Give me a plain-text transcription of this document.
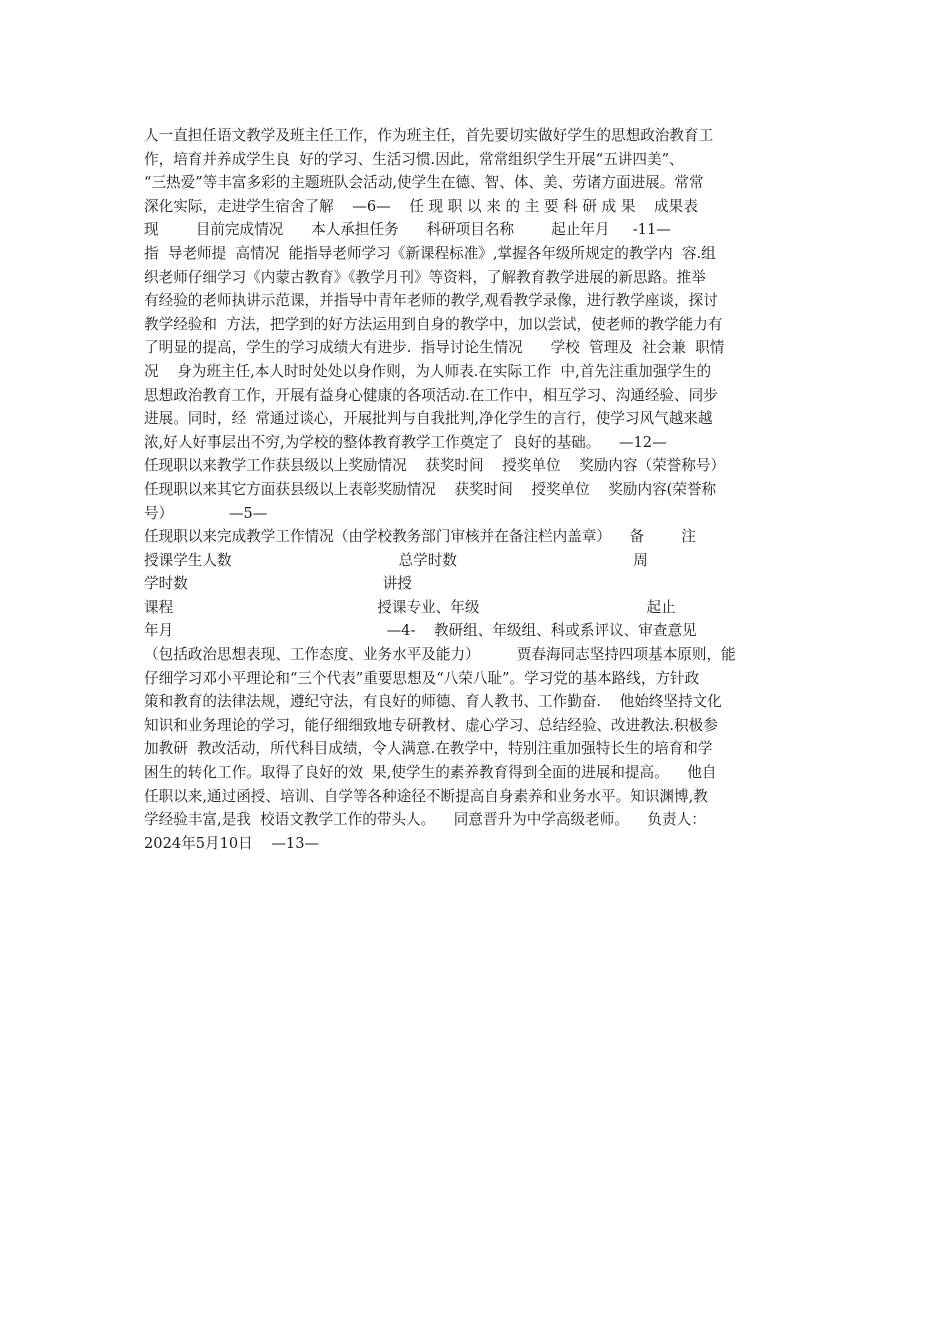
人一直担任语文教学及班主任工作，作为班主任，首先要切实做好学生的思想政治教育工
作，培育并养成学生良  好的学习、生活习惯.因此，常常组织学生开展“五讲四美”、
“三热爱”等丰富多彩的主题班队会活动,使学生在德、智、体、美、劳诸方面进展。常常
深化实际，走进学生宿舍了解    —6—    任 现 职 以 来 的 主 要 科 研 成 果    成果表
现        目前完成情况      本人承担任务      科研项目名称        起止年月     -11—
指  导老师提  高情况  能指导老师学习《新课程标准》,掌握各年级所规定的教学内  容.组
织老师仔细学习《内蒙古教育》《教学月刊》等资料，了解教育教学进展的新思路。推举
有经验的老师执讲示范课，并指导中青年老师的教学,观看教学录像，进行教学座谈，探讨
教学经验和  方法，把学到的好方法运用到自身的教学中，加以尝试，使老师的教学能力有
了明显的提高，学生的学习成绩大有进步.  指导讨论生情况      学校  管理及  社会兼  职情
况    身为班主任,本人时时处处以身作则，为人师表.在实际工作  中,首先注重加强学生的
思想政治教育工作，开展有益身心健康的各项活动.在工作中，相互学习、沟通经验、同步
进展。同时，经  常通过谈心，开展批判与自我批判,净化学生的言行，使学习风气越来越
浓,好人好事层出不穷,为学校的整体教育教学工作奠定了  良好的基础。    —12—
任现职以来教学工作获县级以上奖励情况    获奖时间    授奖单位    奖励内容（荣誉称号）
任现职以来其它方面获县级以上表彰奖励情况    获奖时间    授奖单位    奖励内容(荣誉称
号）            —5—
任现职以来完成教学工作情况（由学校教务部门审核并在备注栏内盖章）    备        注
授课学生人数                                    总学时数                                      周
学时数                                          讲授
课程                                            授课专业、年级                                    起止
年月                                              —4-    教研组、年级组、科或系评议、审查意见
（包括政治思想表现、工作态度、业务水平及能力）        贾春海同志坚持四项基本原则，能
仔细学习邓小平理论和“三个代表”重要思想及“八荣八耻”。学习党的基本路线，方针政
策和教育的法律法规，遵纪守法，有良好的师德、育人教书、工作勤奋.    他始终坚持文化
知识和业务理论的学习，能仔细细致地专研教材、虚心学习、总结经验、改进教法.积极参
加教研  教改活动，所代科目成绩，令人满意.在教学中，特别注重加强特长生的培育和学
困生的转化工作。取得了良好的效  果,使学生的素养教育得到全面的进展和提高。    他自
任职以来,通过函授、培训、自学等各种途径不断提高自身素养和业务水平。知识渊博,教
学经验丰富,是我  校语文教学工作的带头人。    同意晋升为中学高级老师。    负责人：
2024年5月10日    —13—
